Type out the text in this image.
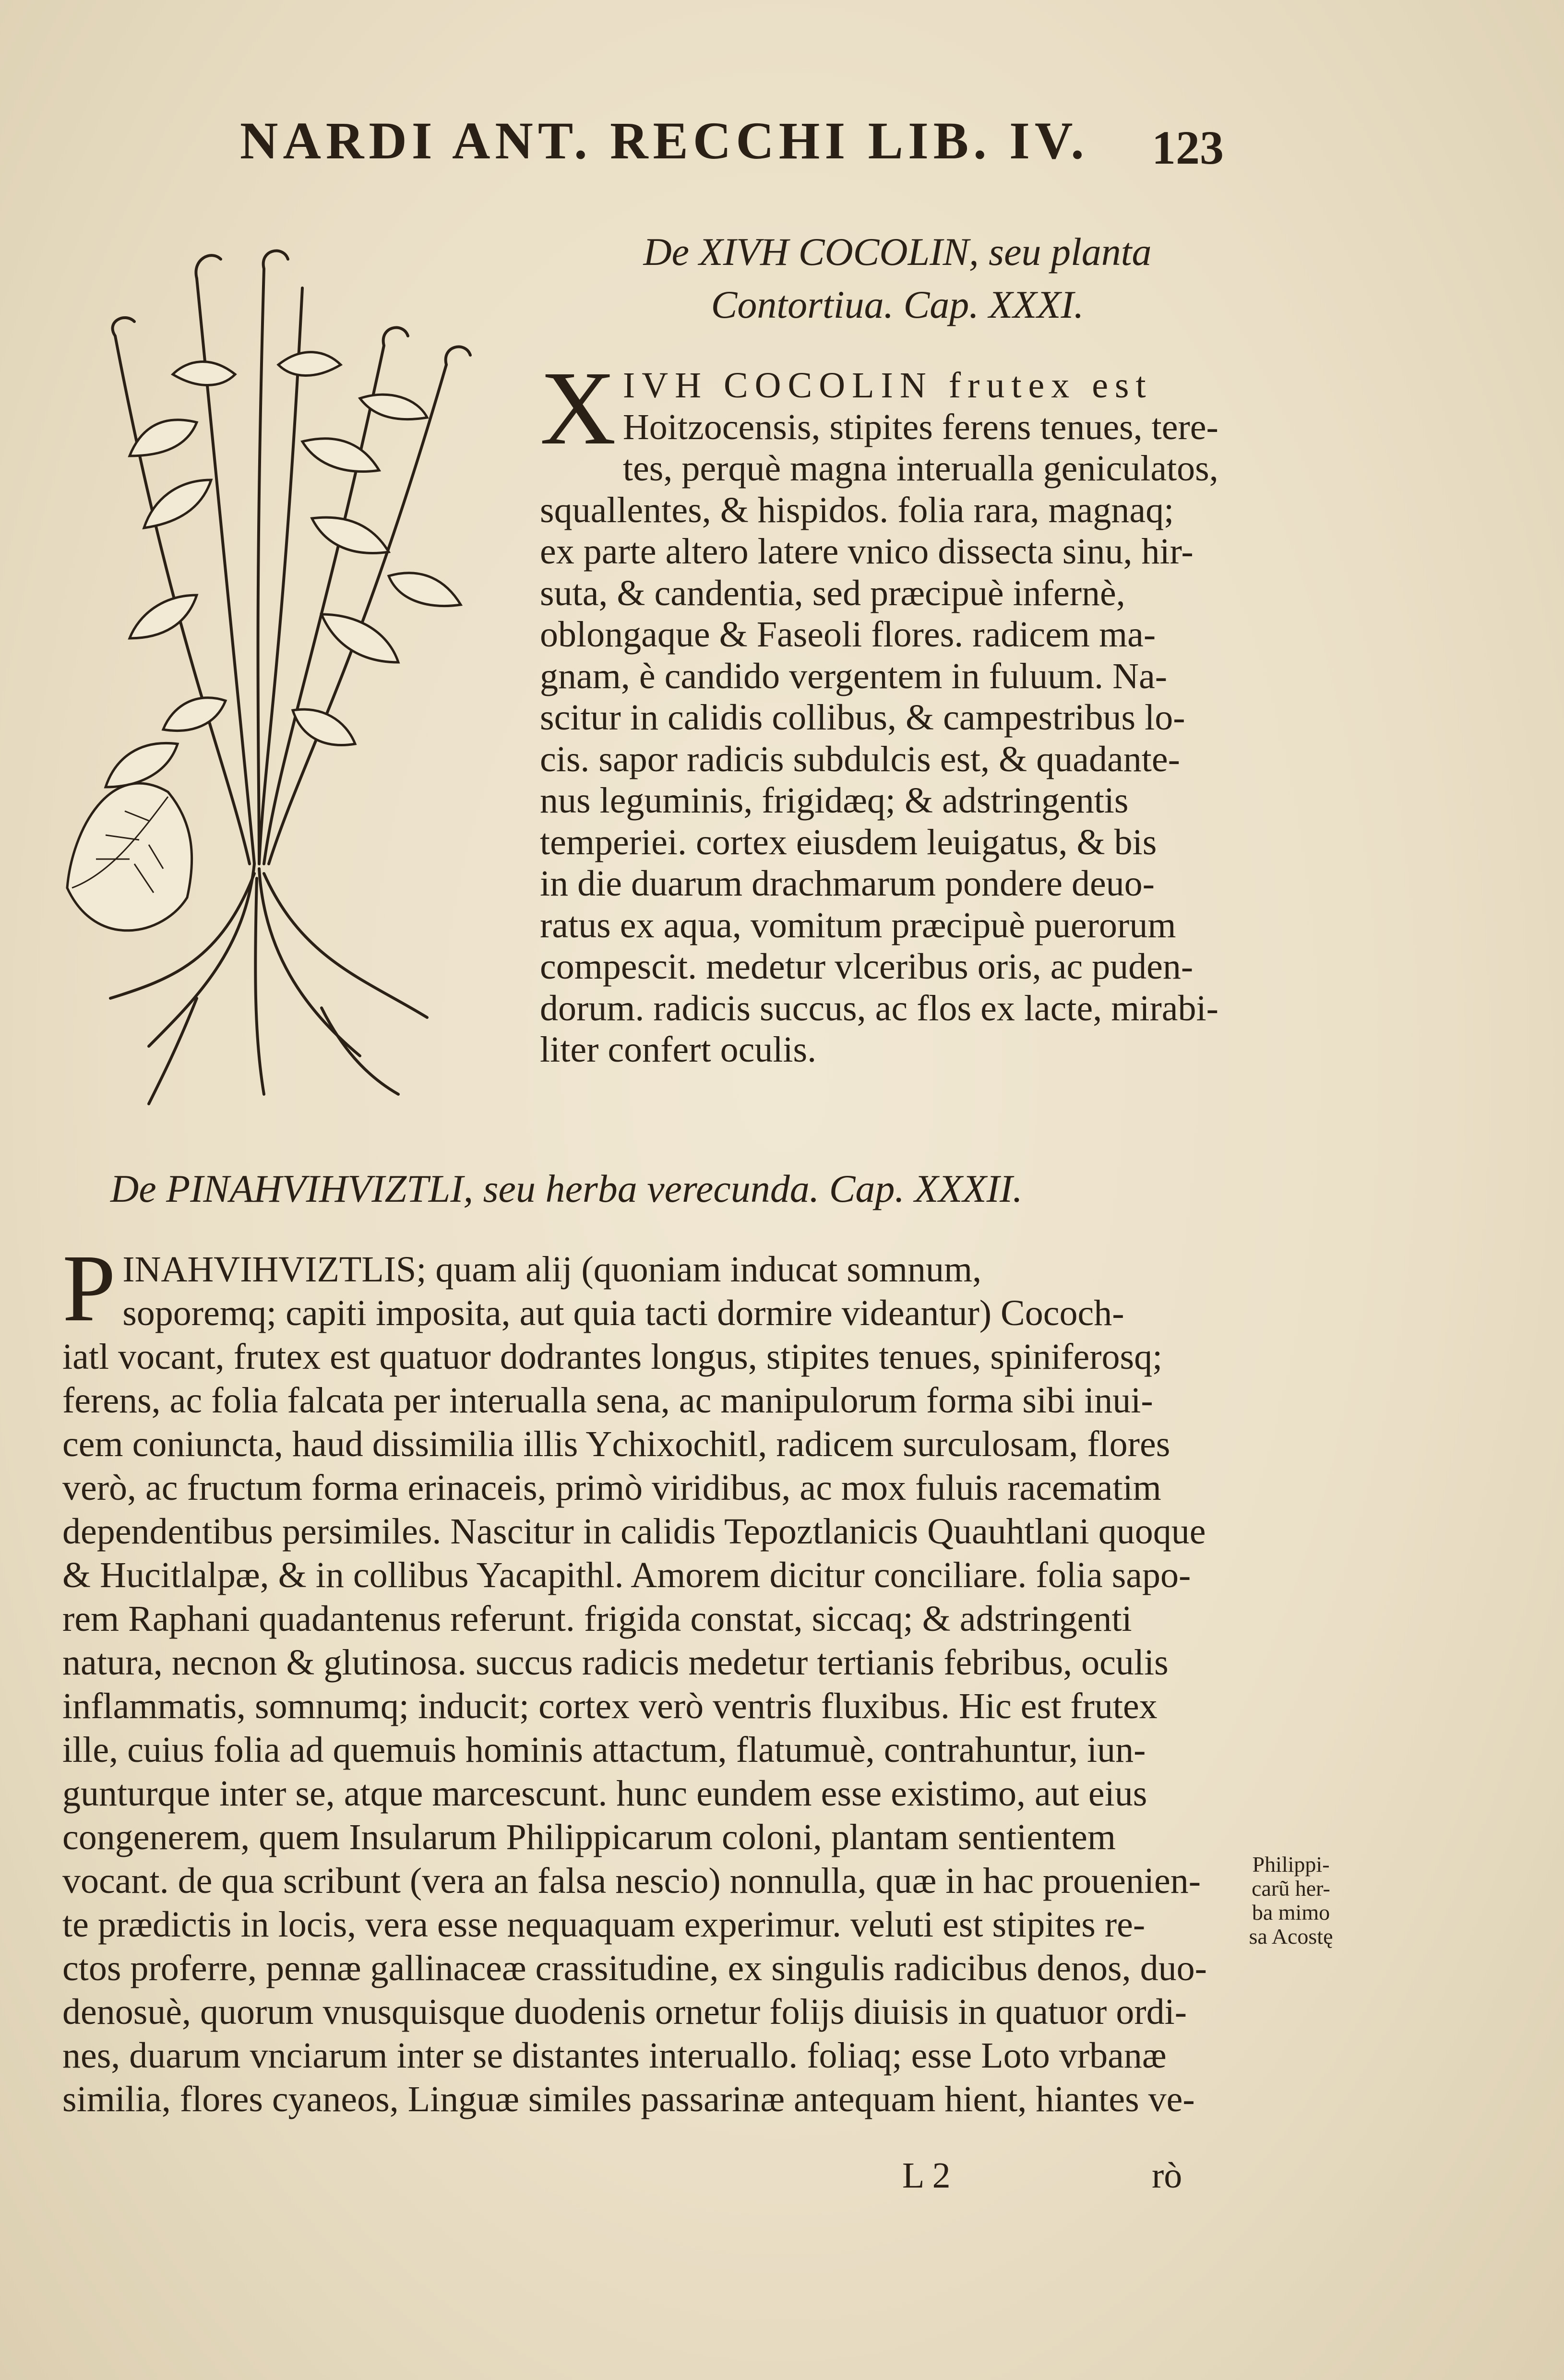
NARDI ANT. RECCHI LIB. IV. 123
De XIVH COCOLIN, seu planta
Contortiua. Cap. XXXI.
X IVH COCOLIN frutex est
Hoitzocensis, stipites ferens tenues, tere-
tes, perquè magna interualla geniculatos,
squallentes, & hispidos. folia rara, magnaq;
ex parte altero latere vnico dissecta sinu, hir-
suta, & candentia, sed præcipuè infernè,
oblongaque & Faseoli flores. radicem ma-
gnam, è candido vergentem in fuluum. Na-
scitur in calidis collibus, & campestribus lo-
cis. sapor radicis subdulcis est, & quadante-
nus leguminis, frigidæq; & adstringentis
temperiei. cortex eiusdem leuigatus, & bis
in die duarum drachmarum pondere deuo-
ratus ex aqua, vomitum præcipuè puerorum
compescit. medetur vlceribus oris, ac puden-
dorum. radicis succus, ac flos ex lacte, mirabi-
liter confert oculis.
De PINAHVIHVIZTLI, seu herba verecunda. Cap. XXXII.
P INAHVIHVIZTLIS; quam alij (quoniam inducat somnum,
soporemq; capiti imposita, aut quia tacti dormire videantur) Cococh-
iatl vocant, frutex est quatuor dodrantes longus, stipites tenues, spiniferosq;
ferens, ac folia falcata per interualla sena, ac manipulorum forma sibi inui-
cem coniuncta, haud dissimilia illis Ychixochitl, radicem surculosam, flores
verò, ac fructum forma erinaceis, primò viridibus, ac mox fuluis racematim
dependentibus persimiles. Nascitur in calidis Tepoztlanicis Quauhtlani quoque
& Hucitlalpæ, & in collibus Yacapithl. Amorem dicitur conciliare. folia sapo-
rem Raphani quadantenus referunt. frigida constat, siccaq; & adstringenti
natura, necnon & glutinosa. succus radicis medetur tertianis febribus, oculis
inflammatis, somnumq; inducit; cortex verò ventris fluxibus. Hic est frutex
ille, cuius folia ad quemuis hominis attactum, flatumuè, contrahuntur, iun-
gunturque inter se, atque marcescunt. hunc eundem esse existimo, aut eius
congenerem, quem Insularum Philippicarum coloni, plantam sentientem
vocant. de qua scribunt (vera an falsa nescio) nonnulla, quæ in hac prouenien-
te prædictis in locis, vera esse nequaquam experimur. veluti est stipites re-
ctos proferre, pennæ gallinaceæ crassitudine, ex singulis radicibus denos, duo-
denosuè, quorum vnusquisque duodenis ornetur folijs diuisis in quatuor ordi-
nes, duarum vnciarum inter se distantes interuallo. foliaq; esse Loto vrbanæ
similia, flores cyaneos, Linguæ similes passarinæ antequam hient, hiantes ve-
Philippi-
carũ her-
ba mimo
sa Acostę
L 2	rò
